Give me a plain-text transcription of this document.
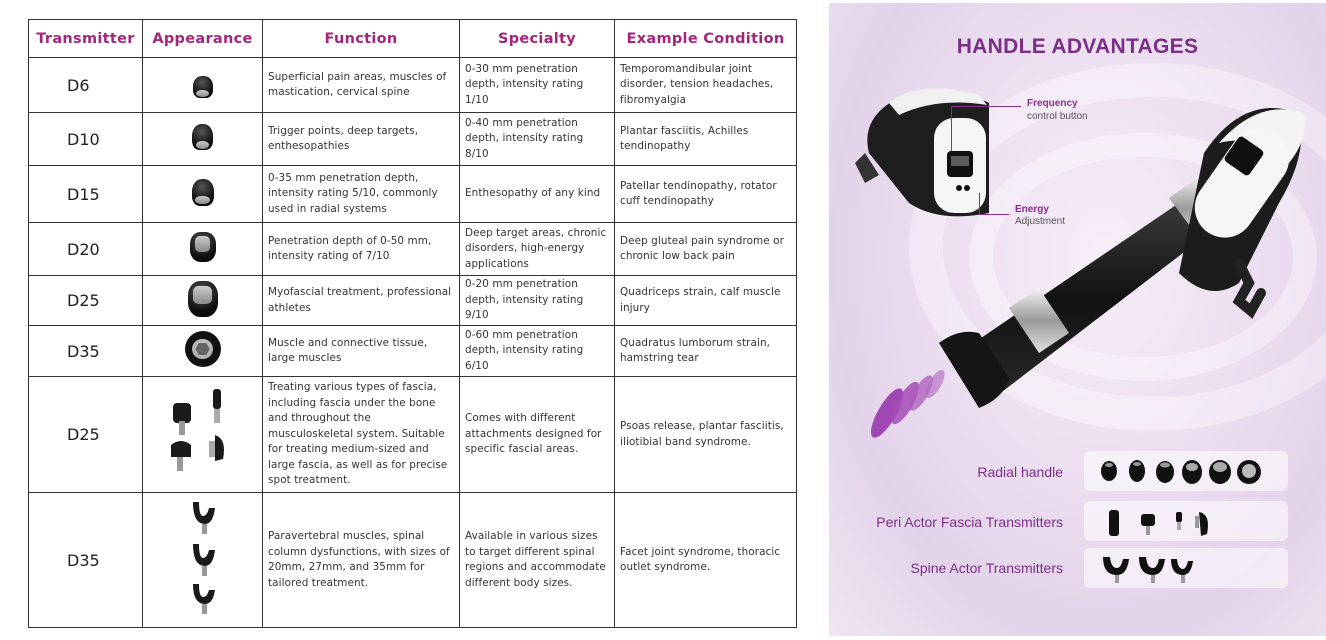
Transmitter	Appearance	Function	Specialty	Example Condition
D6		Superficial pain areas, muscles of mastication, cervical spine	0-30 mm penetration depth, intensity rating 1/10	Temporomandibular joint disorder, tension headaches, fibromyalgia
D10		Trigger points, deep targets, enthesopathies	0-40 mm penetration depth, intensity rating 8/10	Plantar fasciitis, Achilles tendinopathy
D15		0-35 mm penetration depth, intensity rating 5/10, commonly used in radial systems	Enthesopathy of any kind	Patellar tendinopathy, rotator cuff tendinopathy
D20		Penetration depth of 0-50 mm, intensity rating of 7/10	Deep target areas, chronic disorders, high-energy applications	Deep gluteal pain syndrome or chronic low back pain
D25		Myofascial treatment, professional athletes	0-20 mm penetration depth, intensity rating 9/10	Quadriceps strain, calf muscle injury
D35		Muscle and connective tissue, large muscles	0-60 mm penetration depth, intensity rating 6/10	Quadratus lumborum strain, hamstring tear
D25		Treating various types of fascia, including fascia under the bone and throughout the musculoskeletal system. Suitable for treating medium-sized and large fascia, as well as for precise spot treatment.	Comes with different attachments designed for specific fascial areas.	Psoas release, plantar fasciitis, iliotibial band syndrome.
D35		Paravertebral muscles, spinal column dysfunctions, with sizes of 20mm, 27mm, and 35mm for tailored treatment.	Available in various sizes to target different spinal regions and accommodate different body sizes.	Facet joint syndrome, thoracic outlet syndrome.
HANDLE ADVANTAGES
Frequency
control button
Energy
Adjustment
Radial handle
Peri Actor Fascia Transmitters
Spine Actor Transmitters
